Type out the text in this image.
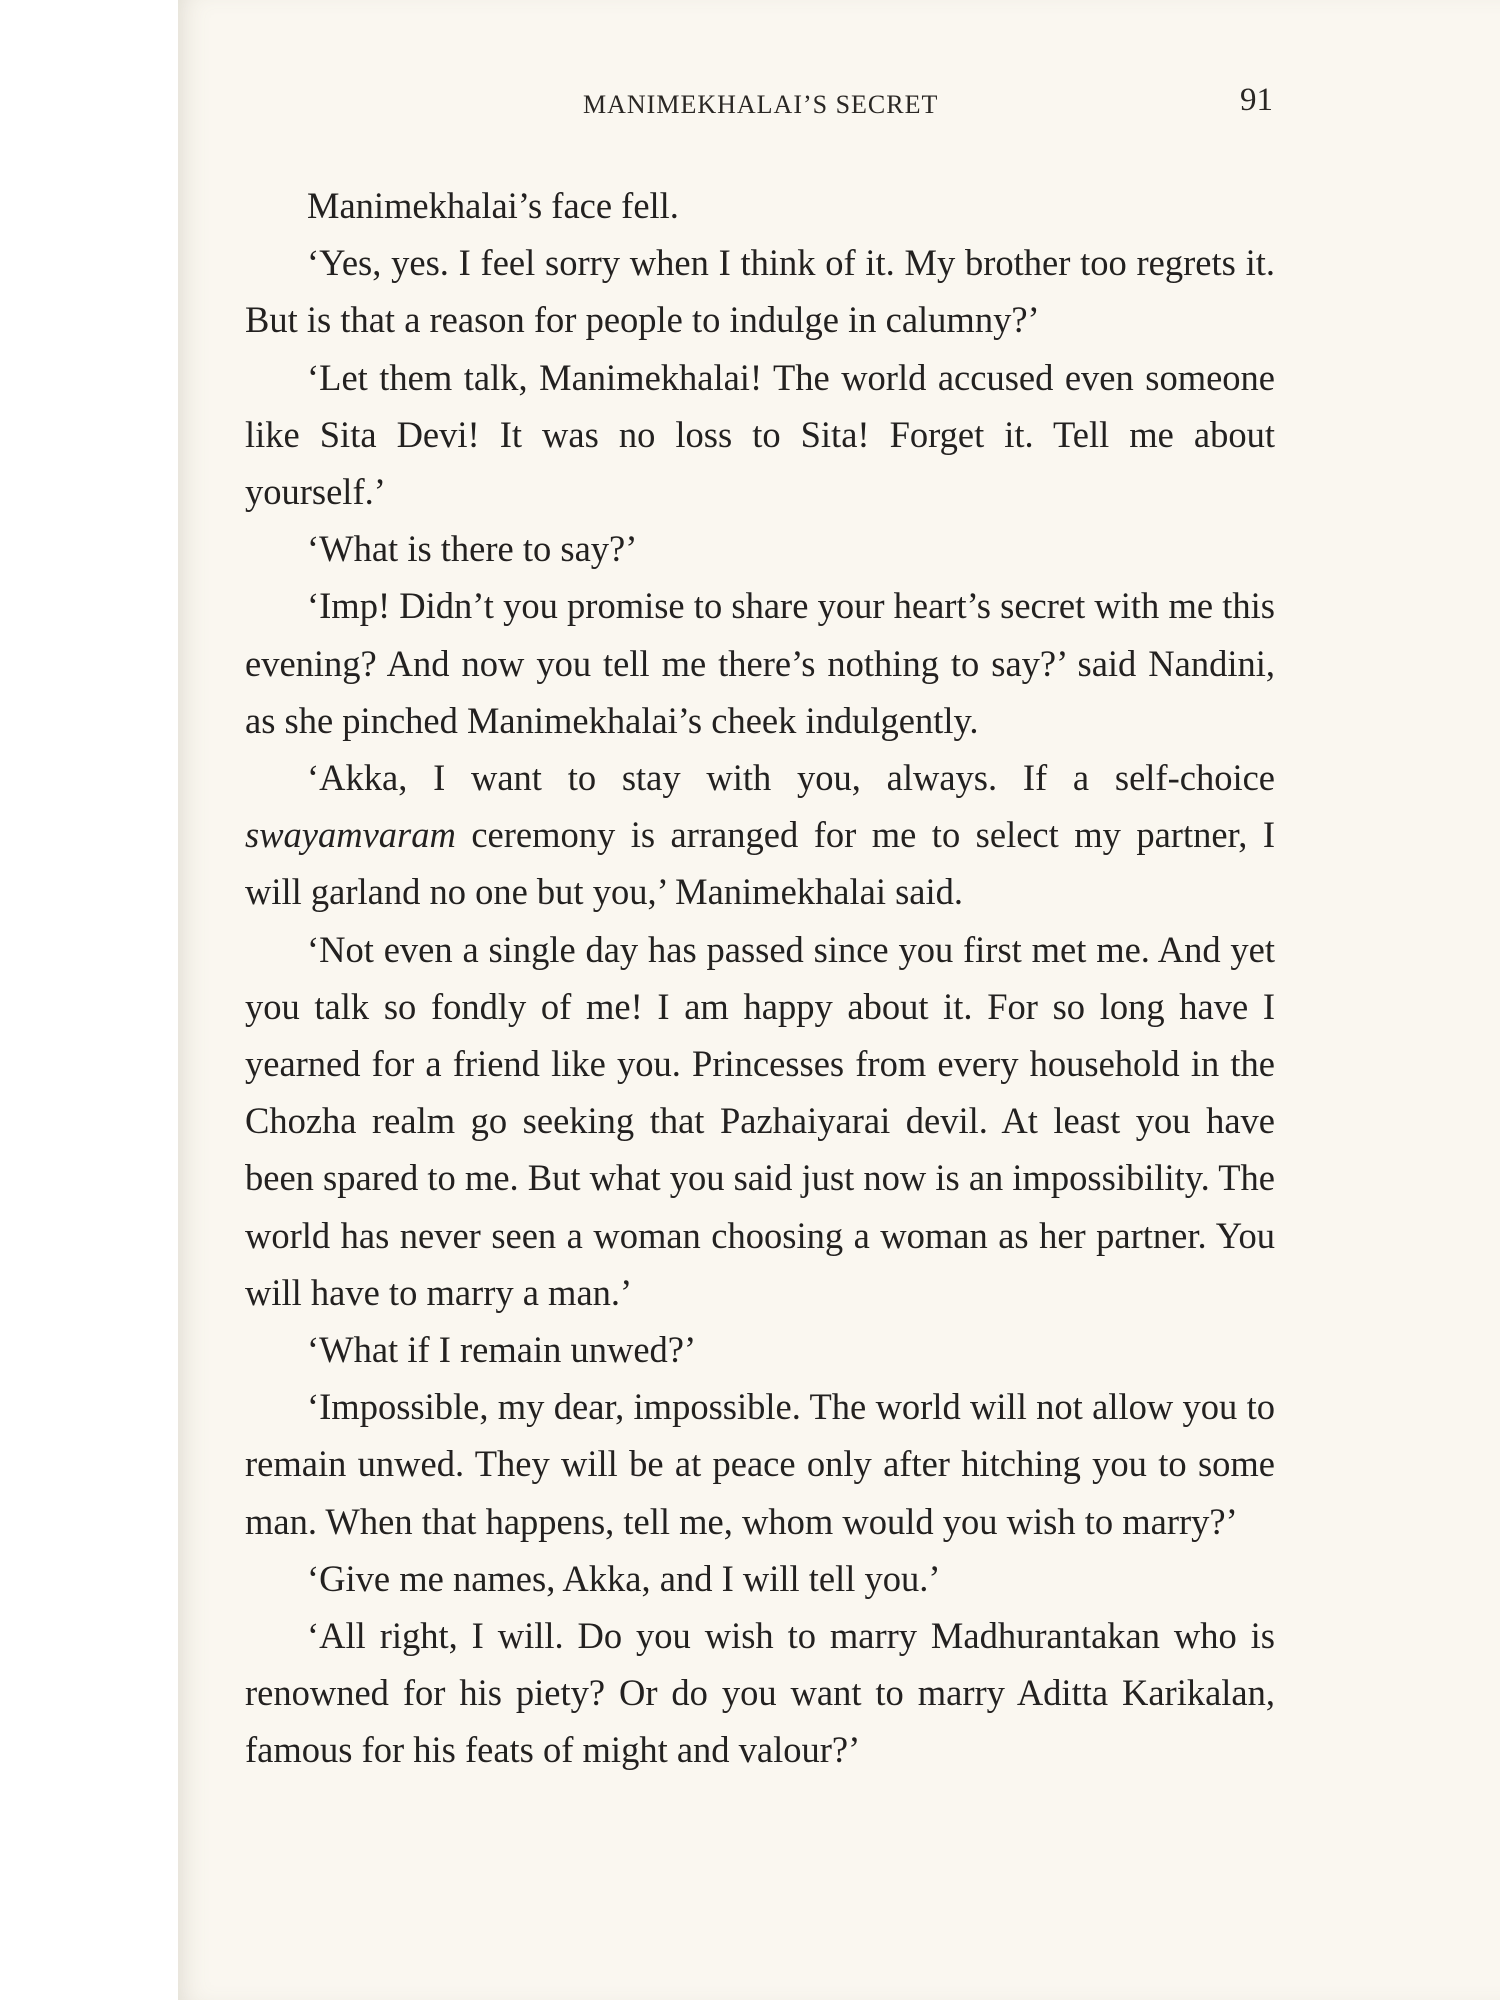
MANIMEKHALAI’S SECRET	91

Manimekhalai’s face fell.

‘Yes, yes. I feel sorry when I think of it. My brother too regrets it. But is that a reason for people to indulge in calumny?’

‘Let them talk, Manimekhalai! The world accused even someone like Sita Devi! It was no loss to Sita! Forget it. Tell me about yourself.’

‘What is there to say?’

‘Imp! Didn’t you promise to share your heart’s secret with me this evening? And now you tell me there’s nothing to say?’ said Nandini, as she pinched Manimekhalai’s cheek indulgently.

‘Akka, I want to stay with you, always. If a self-choice swayamvaram ceremony is arranged for me to select my partner, I will garland no one but you,’ Manimekhalai said.

‘Not even a single day has passed since you first met me. And yet you talk so fondly of me! I am happy about it. For so long have I yearned for a friend like you. Princesses from every household in the Chozha realm go seeking that Pazhaiyarai devil. At least you have been spared to me. But what you said just now is an impossibility. The world has never seen a woman choosing a woman as her partner. You will have to marry a man.’

‘What if I remain unwed?’

‘Impossible, my dear, impossible. The world will not allow you to remain unwed. They will be at peace only after hitching you to some man. When that happens, tell me, whom would you wish to marry?’

‘Give me names, Akka, and I will tell you.’

‘All right, I will. Do you wish to marry Madhurantakan who is renowned for his piety? Or do you want to marry Aditta Karikalan, famous for his feats of might and valour?’
